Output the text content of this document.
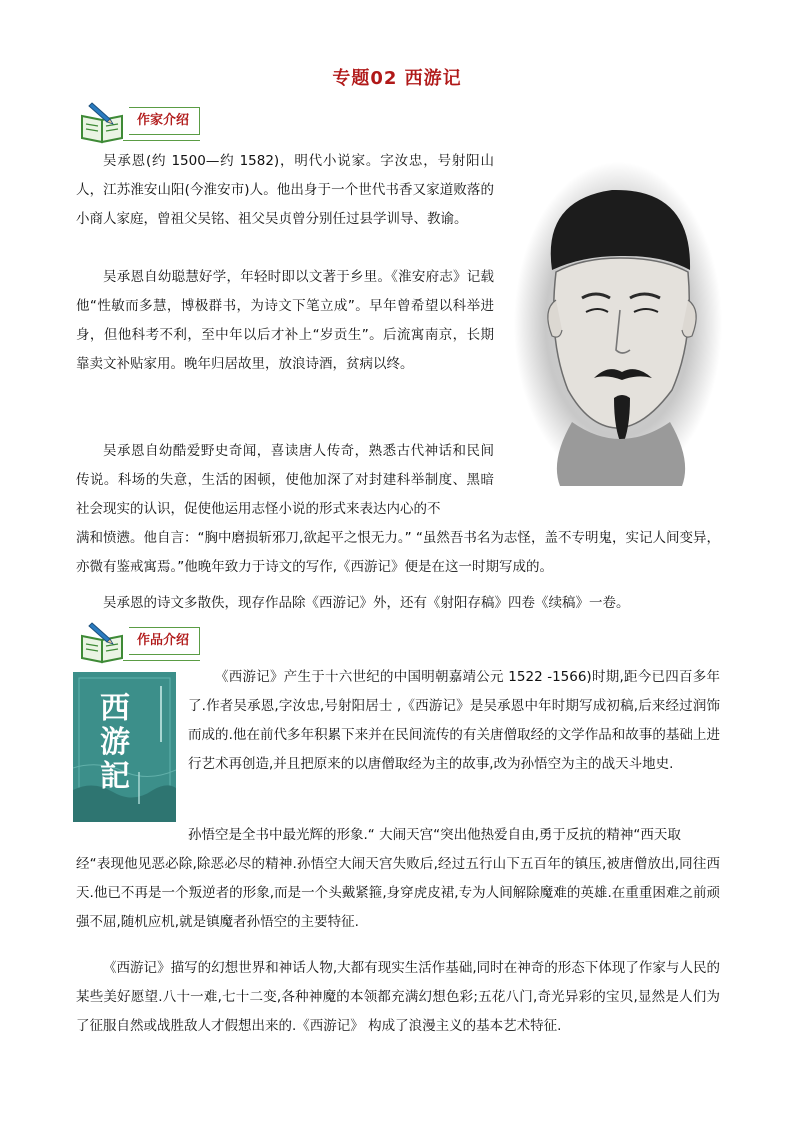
专题02 西游记
作家介绍

吴承恩(约 1500—约 1582)，明代小说家。字汝忠，号射阳山人，江苏淮安山阳(今淮安市)人。他出身于一个世代书香又家道败落的小商人家庭，曾祖父吴铭、祖父吴贞曾分别任过县学训导、教谕。

吴承恩自幼聪慧好学，年轻时即以文著于乡里。《淮安府志》记载他“性敏而多慧，博极群书，为诗文下笔立成”。早年曾希望以科举进身，但他科考不利，至中年以后才补上“岁贡生”。后流寓南京，长期靠卖文补贴家用。晚年归居故里，放浪诗酒，贫病以终。

吴承恩自幼酷爱野史奇闻，喜读唐人传奇，熟悉古代神话和民间传说。科场的失意，生活的困顿，使他加深了对封建科举制度、黑暗社会现实的认识，促使他运用志怪小说的形式来表达内心的不

满和愤懑。他自言：“胸中磨损斩邪刀,欲起平之恨无力。” “虽然吾书名为志怪，盖不专明鬼，实记人间变异，亦微有鉴戒寓焉。”他晚年致力于诗文的写作,《西游记》便是在这一时期写成的。

吴承恩的诗文多散佚，现存作品除《西游记》外，还有《射阳存稿》四卷《续稿》一卷。

作品介绍
西
游
記

《西游记》产生于十六世纪的中国明朝嘉靖公元 1522 -1566)时期,距今已四百多年了.作者吴承恩,字汝忠,号射阳居士 ,《西游记》是吴承恩中年时期写成初稿,后来经过润饰而成的.他在前代多年积累下来并在民间流传的有关唐僧取经的文学作品和故事的基础上进行艺术再创造,并且把原来的以唐僧取经为主的故事,改为孙悟空为主的战天斗地史.

孙悟空是全书中最光辉的形象.“ 大闹天宫“突出他热爱自由,勇于反抗的精神“西天取

经“表现他见恶必除,除恶必尽的精神.孙悟空大闹天宫失败后,经过五行山下五百年的镇压,被唐僧放出,同往西天.他已不再是一个叛逆者的形象,而是一个头戴紧箍,身穿虎皮裙,专为人间解除魔难的英雄.在重重困难之前顽强不屈,随机应机,就是镇魔者孙悟空的主要特征.

《西游记》描写的幻想世界和神话人物,大都有现实生活作基础,同时在神奇的形态下体现了作家与人民的某些美好愿望.八十一难,七十二变,各种神魔的本领都充满幻想色彩;五花八门,奇光异彩的宝贝,显然是人们为了征服自然或战胜敌人才假想出来的.《西游记》 构成了浪漫主义的基本艺术特征.
